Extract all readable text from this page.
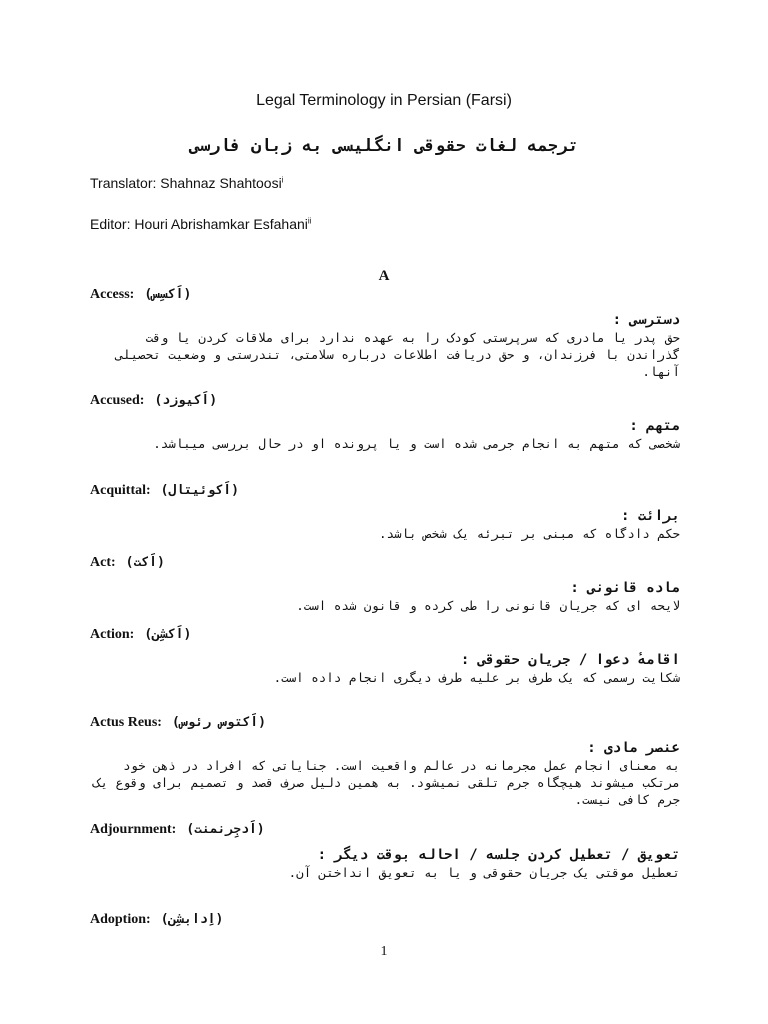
Legal Terminology in Persian (Farsi)
ترجمه لغات حقوقی انگلیسی به زبان فارسی
Translator: Shahnaz Shahtoosi$^i$
Editor: Houri Abrishamkar Esfahani$^{ii}$
A
Access: (اَکسِس)
دسترسی :
حق پدر یا مادری که سرپرستی کودک را به عهده ندارد برای ملاقات کردن یا وقت گذراندن با فرزندان، و حق دریافت اطلاعات درباره سلامتی، تندرستی و وضعیت تحصیلی آنها.
Accused: (اَکیوزد)
متهم :
شخصی که متهم به انجام جرمی شده است و یا پرونده او در حال بررسی میباشد.
Acquittal: (اَکوئیتال)
برائت :
حکم دادگاه که مبنی بر تبرئه یک شخص باشد.
Act: (اَکت)
ماده قانونی :
لایحه ای که جریان قانونی را طی کرده و قانون شده است.
Action: (اَکشِن)
اقامهٔ دعوا / جریان حقوقی :
شکایت رسمی که یک طرف بر علیه طرف دیگری انجام داده است.
Actus Reus: (اَکتوس رئوس)
عنصر مادی :
به معنای انجام عمل مجرمانه در عالم واقعیت است. جنایاتی که افراد در ذهن خود مرتکب میشوند هیچگاه جرم تلقی نمیشود. به همین دلیل صرف قصد و تصمیم برای وقوع یک جرم کافی نیست.
Adjournment: (اَدجِرنمنت)
تعویق / تعطیل کردن جلسه / احاله بوقت دیگر :
تعطیل موقتی یک جریان حقوقی و یا به تعویق انداختن آن.
Adoption: (اِدابشِن)
1
